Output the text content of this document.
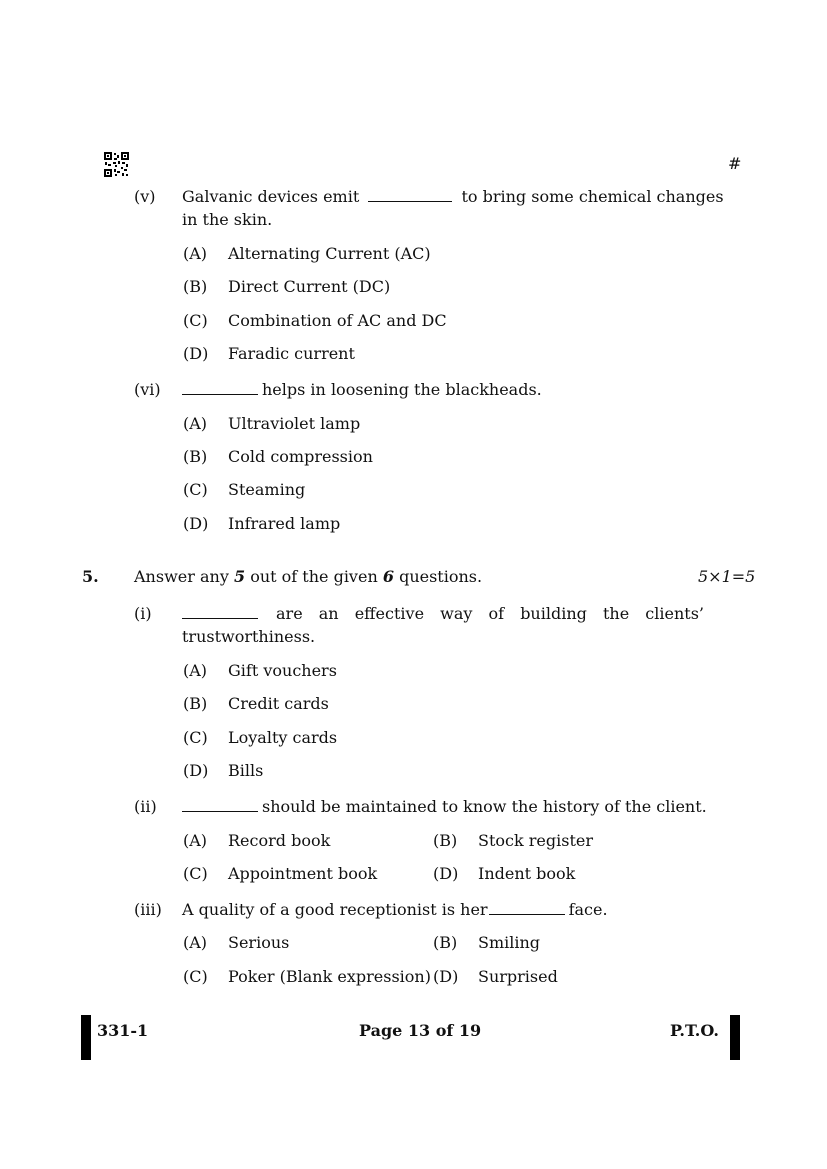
#
(v) Galvanic devices emit	to bring some chemical changes
in the skin.
(A) Alternating Current (AC)
(B) Direct Current (DC)
(C) Combination of AC and DC
(D) Faradic current
(vi)	helps in loosening the blackheads.
(A) Ultraviolet lamp
(B) Cold compression
(C) Steaming
(D) Infrared lamp
5. Answer any 5 out of the given 6 questions.	5×1=5
(i)	are an effective way of building the clients’
trustworthiness.
(A) Gift vouchers
(B) Credit cards
(C) Loyalty cards
(D) Bills
(ii)	should be maintained to know the history of the client.
(A) Record book	(B) Stock register
(C) Appointment book	(D) Indent book
(iii) A quality of a good receptionist is her	face.
(A) Serious	(B) Smiling
(C) Poker (Blank expression) (D) Surprised
331-1	Page 13 of 19	P.T.O.
